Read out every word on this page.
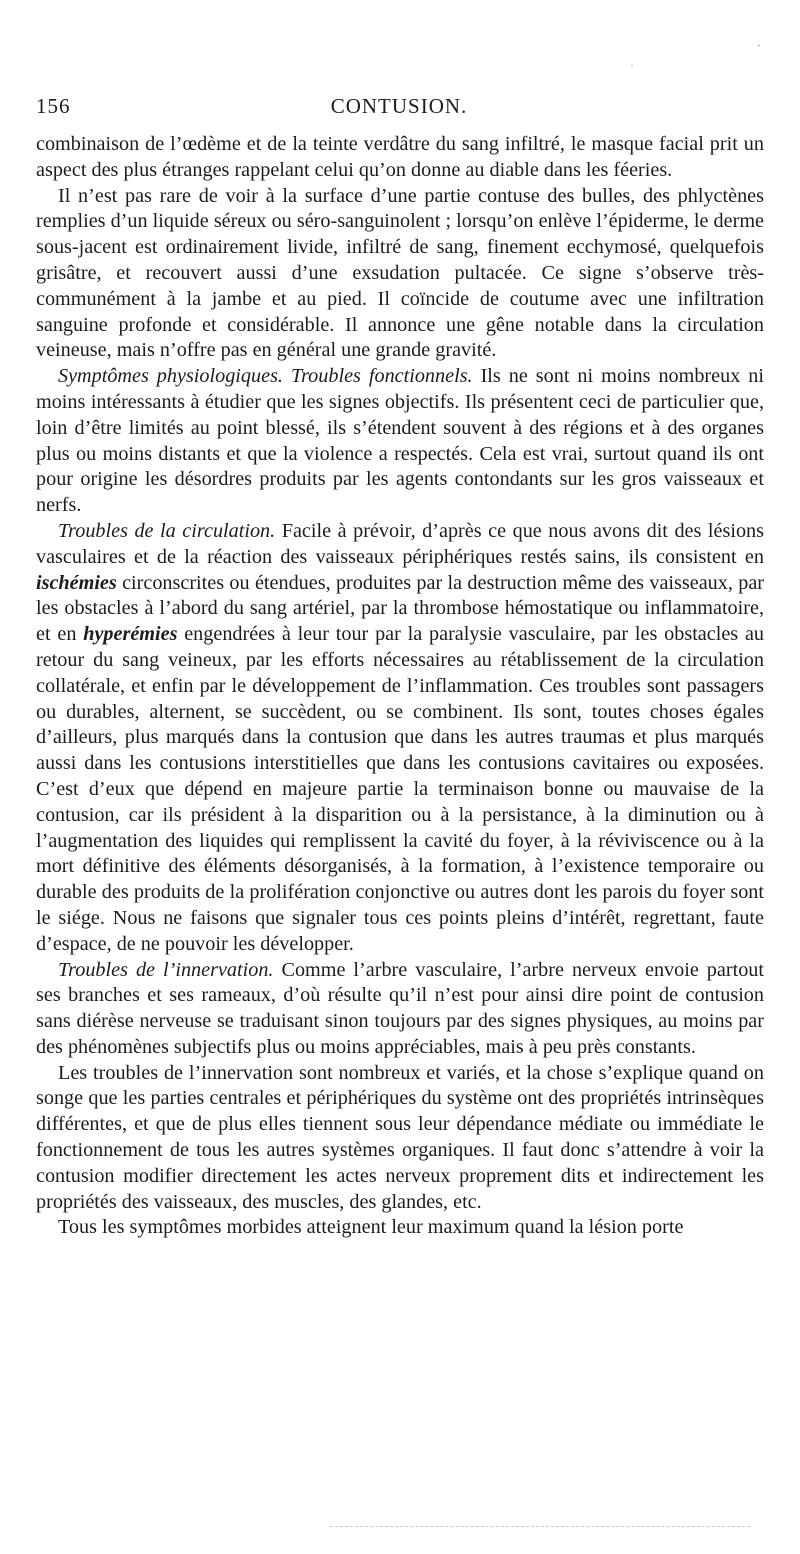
·
·
156	CONTUSION.

combinaison de l’œdème et de la teinte verdâtre du sang infiltré, le masque facial prit un aspect des plus étranges rappelant celui qu’on donne au diable dans les féeries.

Il n’est pas rare de voir à la surface d’une partie contuse des bulles, des phlyctènes remplies d’un liquide séreux ou séro-sanguinolent ; lorsqu’on enlève l’épiderme, le derme sous-jacent est ordinairement livide, infiltré de sang, finement ecchymosé, quelquefois grisâtre, et recouvert aussi d’une exsudation pultacée. Ce signe s’observe très-communément à la jambe et au pied. Il coïncide de coutume avec une infiltration sanguine profonde et considérable. Il annonce une gêne notable dans la circulation veineuse, mais n’offre pas en général une grande gravité.

Symptômes physiologiques. Troubles fonctionnels. Ils ne sont ni moins nombreux ni moins intéressants à étudier que les signes objectifs. Ils présentent ceci de particulier que, loin d’être limités au point blessé, ils s’étendent souvent à des régions et à des organes plus ou moins distants et que la violence a respectés. Cela est vrai, surtout quand ils ont pour origine les désordres produits par les agents contondants sur les gros vaisseaux et nerfs.

Troubles de la circulation. Facile à prévoir, d’après ce que nous avons dit des lésions vasculaires et de la réaction des vaisseaux périphériques restés sains, ils consistent en ischémies circonscrites ou étendues, produites par la destruction même des vaisseaux, par les obstacles à l’abord du sang artériel, par la thrombose hémostatique ou inflammatoire, et en hyperémies engendrées à leur tour par la paralysie vasculaire, par les obstacles au retour du sang veineux, par les efforts nécessaires au rétablissement de la circulation collatérale, et enfin par le développement de l’inflammation. Ces troubles sont passagers ou durables, alternent, se succèdent, ou se combinent. Ils sont, toutes choses égales d’ailleurs, plus marqués dans la contusion que dans les autres traumas et plus marqués aussi dans les contusions interstitielles que dans les contusions cavitaires ou exposées. C’est d’eux que dépend en majeure partie la terminaison bonne ou mauvaise de la contusion, car ils président à la disparition ou à la persistance, à la diminution ou à l’augmentation des liquides qui remplissent la cavité du foyer, à la réviviscence ou à la mort définitive des éléments désorganisés, à la formation, à l’existence temporaire ou durable des produits de la prolifération conjonctive ou autres dont les parois du foyer sont le siége. Nous ne faisons que signaler tous ces points pleins d’intérêt, regrettant, faute d’espace, de ne pouvoir les développer.

Troubles de l’innervation. Comme l’arbre vasculaire, l’arbre nerveux envoie partout ses branches et ses rameaux, d’où résulte qu’il n’est pour ainsi dire point de contusion sans diérèse nerveuse se traduisant sinon toujours par des signes physiques, au moins par des phénomènes subjectifs plus ou moins appréciables, mais à peu près constants.

Les troubles de l’innervation sont nombreux et variés, et la chose s’explique quand on songe que les parties centrales et périphériques du système ont des propriétés intrinsèques différentes, et que de plus elles tiennent sous leur dépendance médiate ou immédiate le fonctionnement de tous les autres systèmes organiques. Il faut donc s’attendre à voir la contusion modifier directement les actes nerveux proprement dits et indirectement les propriétés des vaisseaux, des muscles, des glandes, etc.

Tous les symptômes morbides atteignent leur maximum quand la lésion porte
